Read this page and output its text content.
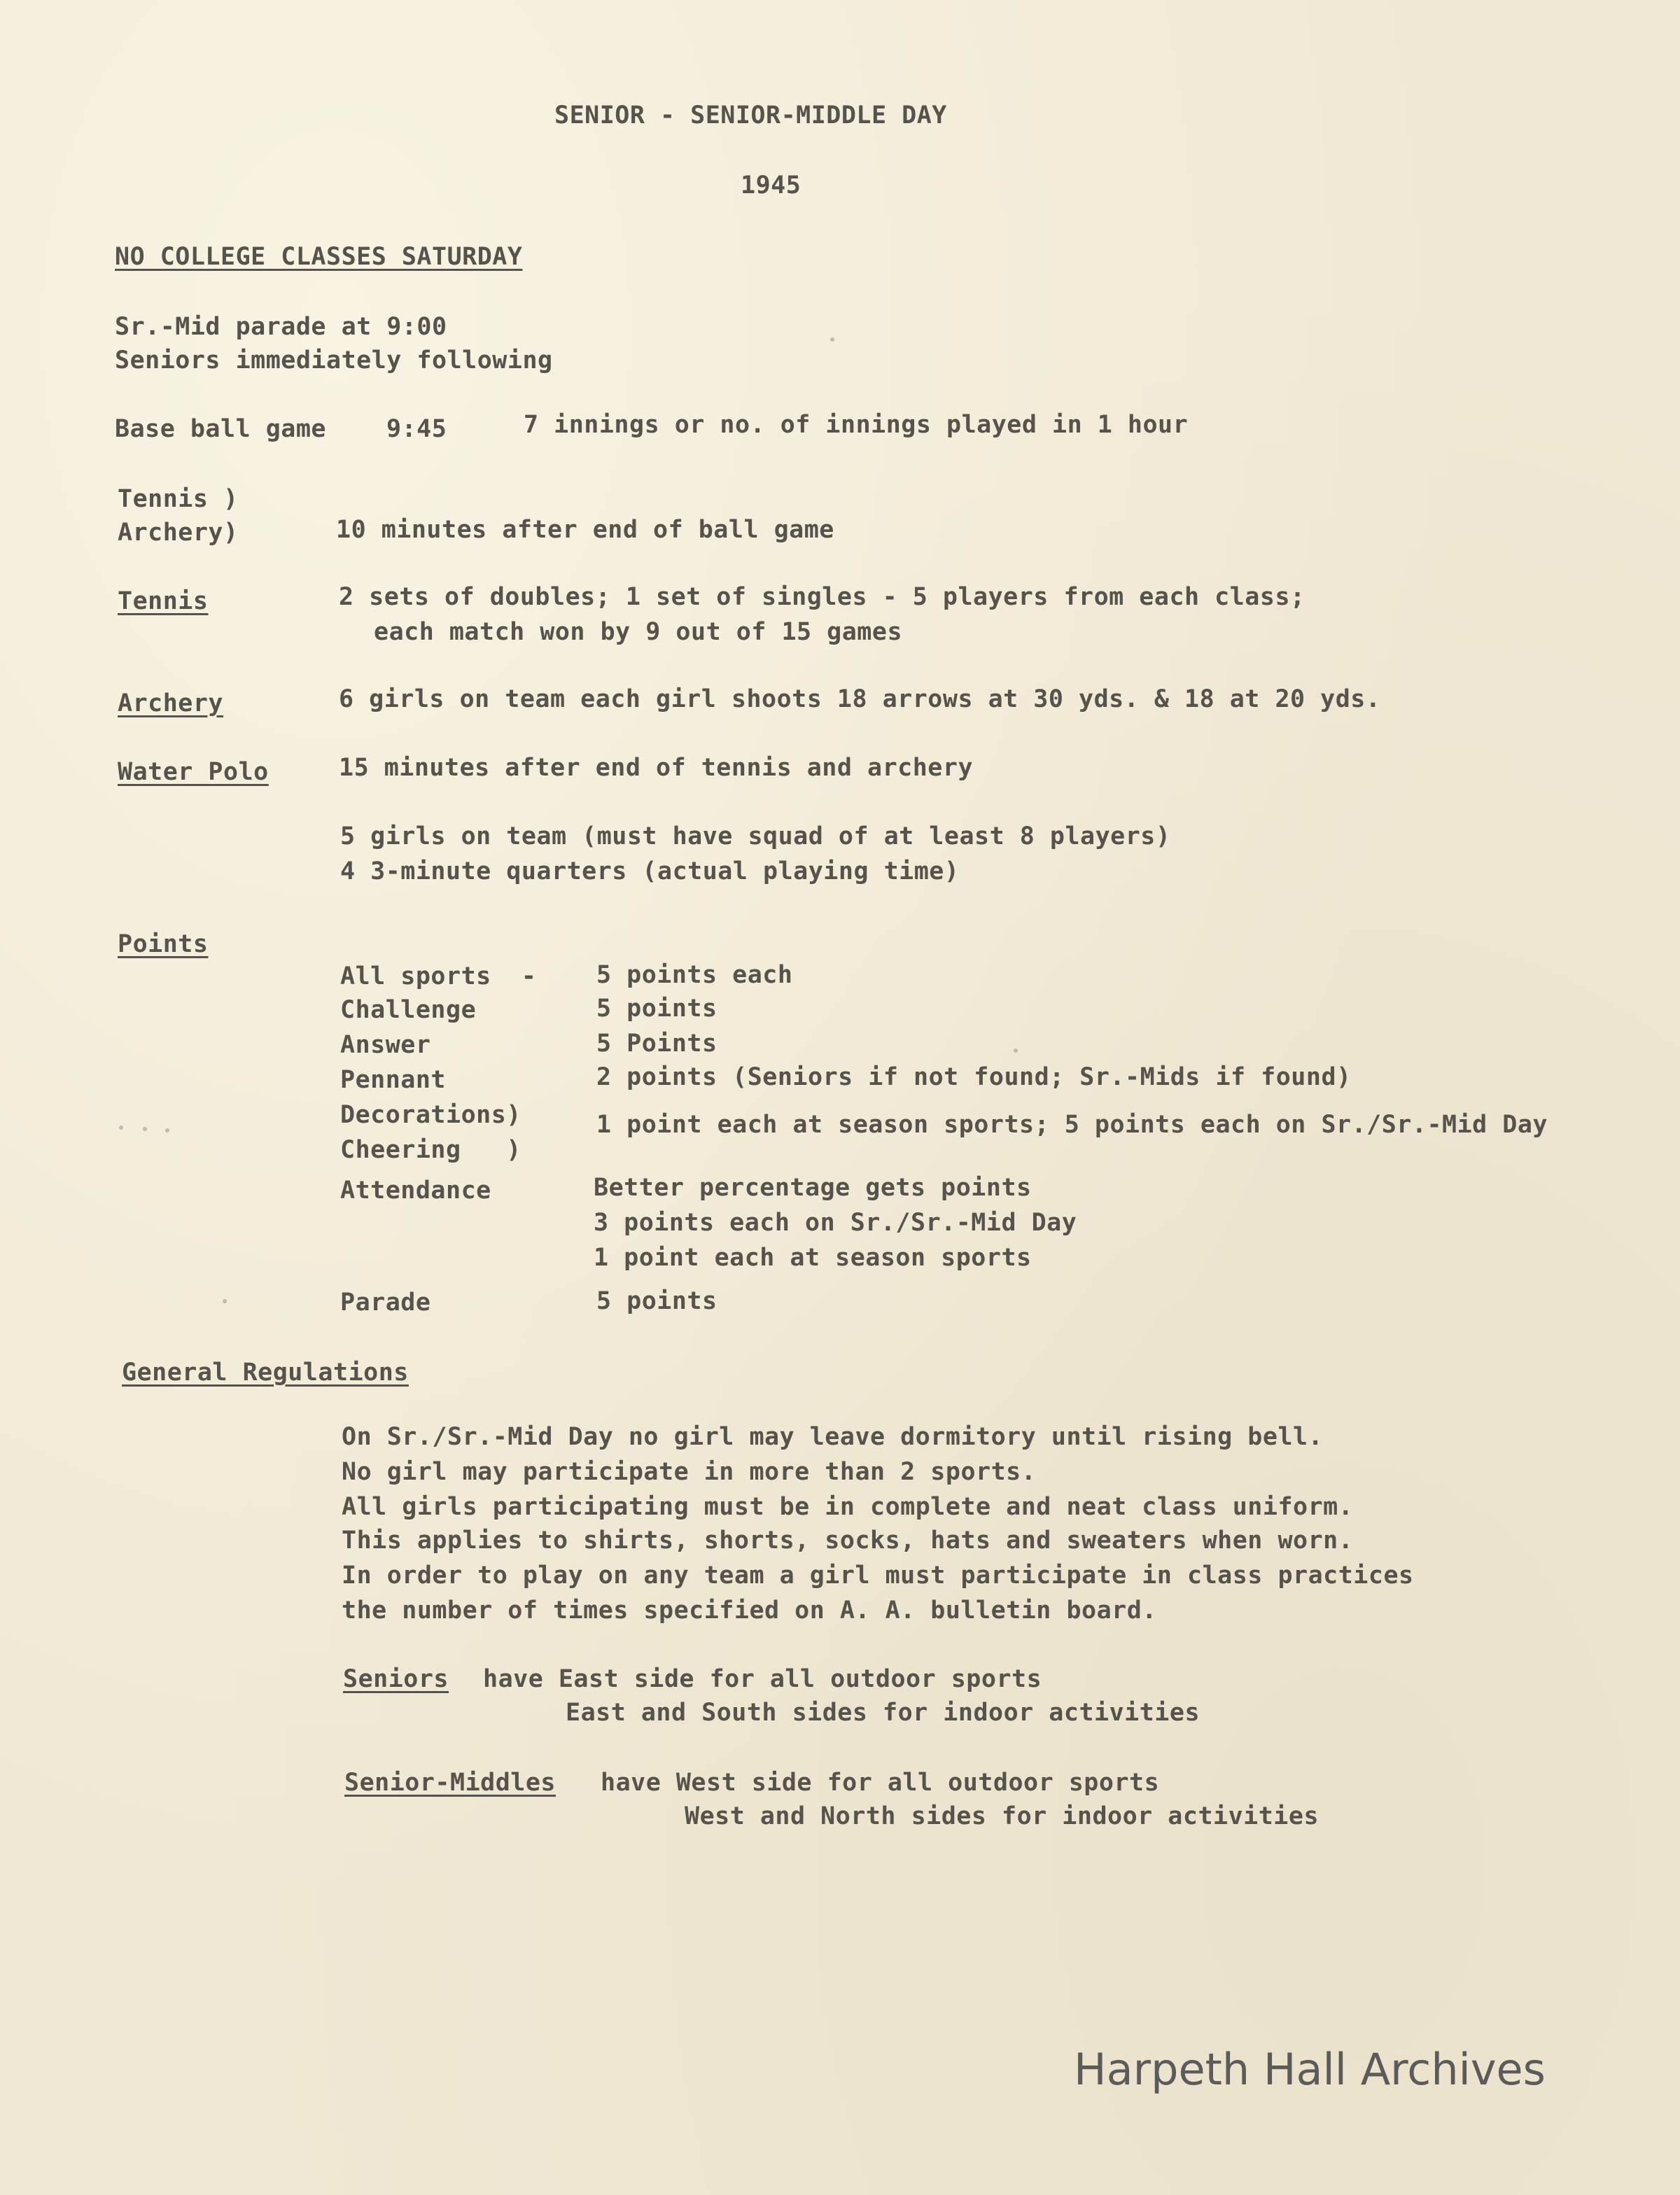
SENIOR - SENIOR-MIDDLE DAY
1945
NO COLLEGE CLASSES SATURDAY
Sr.-Mid parade at 9:00
Seniors immediately following
Base ball game 9:45	7 innings or no. of innings played in 1 hour
Tennis )
Archery)	10 minutes after end of ball game
Tennis	2 sets of doubles; 1 set of singles - 5 players from each class;
each match won by 9 out of 15 games
Archery	6 girls on team each girl shoots 18 arrows at 30 yds. & 18 at 20 yds.
Water Polo	15 minutes after end of tennis and archery
5 girls on team (must have squad of at least 8 players)
4 3-minute quarters (actual playing time)
Points
All sports  - 5 points each
Challenge	5 points
Answer	5 Points
Pennant	2 points (Seniors if not found; Sr.-Mids if found)
Decorations)	1 point each at season sports; 5 points each on Sr./Sr.-Mid Day
Cheering   )
Attendance	Better percentage gets points
3 points each on Sr./Sr.-Mid Day
1 point each at season sports
Parade	5 points
General Regulations
On Sr./Sr.-Mid Day no girl may leave dormitory until rising bell.
No girl may participate in more than 2 sports.
All girls participating must be in complete and neat class uniform.
This applies to shirts, shorts, socks, hats and sweaters when worn.
In order to play on any team a girl must participate in class practices
the number of times specified on A. A. bulletin board.
Seniors have East side for all outdoor sports
East and South sides for indoor activities
Senior-Middles have West side for all outdoor sports
West and North sides for indoor activities
Harpeth Hall Archives
